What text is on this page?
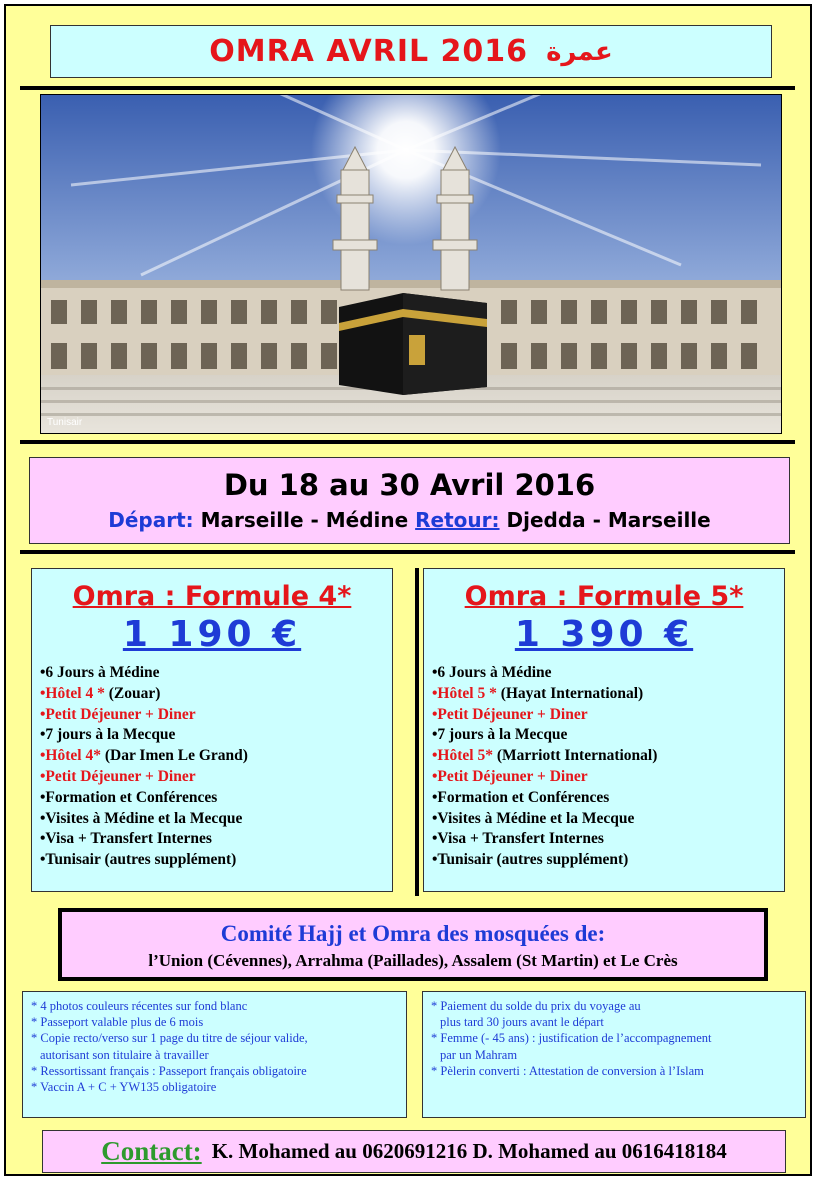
OMRA AVRIL 2016 عمرة
Tunisair
Du 18 au 30 Avril 2016
Départ: Marseille - Médine Retour: Djedda - Marseille
Omra : Formule 4*
1 190 €
•6 Jours à Médine
•Hôtel 4 * (Zouar)
•Petit Déjeuner + Diner
•7 jours à la Mecque
•Hôtel 4* (Dar Imen Le Grand)
•Petit Déjeuner + Diner
•Formation et Conférences
•Visites à Médine et la Mecque
•Visa + Transfert Internes
•Tunisair (autres supplément)
Omra : Formule 5*
1 390 €
•6 Jours à Médine
•Hôtel 5 * (Hayat International)
•Petit Déjeuner + Diner
•7 jours à la Mecque
•Hôtel 5* (Marriott International)
•Petit Déjeuner + Diner
•Formation et Conférences
•Visites à Médine et la Mecque
•Visa + Transfert Internes
•Tunisair (autres supplément)
Comité Hajj et Omra des mosquées de:
l’Union (Cévennes), Arrahma (Paillades), Assalem (St Martin) et Le Crès

* 4 photos couleurs récentes sur fond blanc

* Passeport valable plus de 6 mois

* Copie recto/verso sur 1 page du titre de séjour valide,

autorisant son titulaire à travailler

* Ressortissant français : Passeport français obligatoire

* Vaccin A + C + YW135 obligatoire

* Paiement du solde du prix du voyage au

plus tard 30 jours avant le départ

* Femme (- 45 ans) : justification de l’accompagnement

par un Mahram

* Pèlerin converti : Attestation de conversion à l’Islam

Contact: K. Mohamed au 0620691216 D. Mohamed au 0616418184
